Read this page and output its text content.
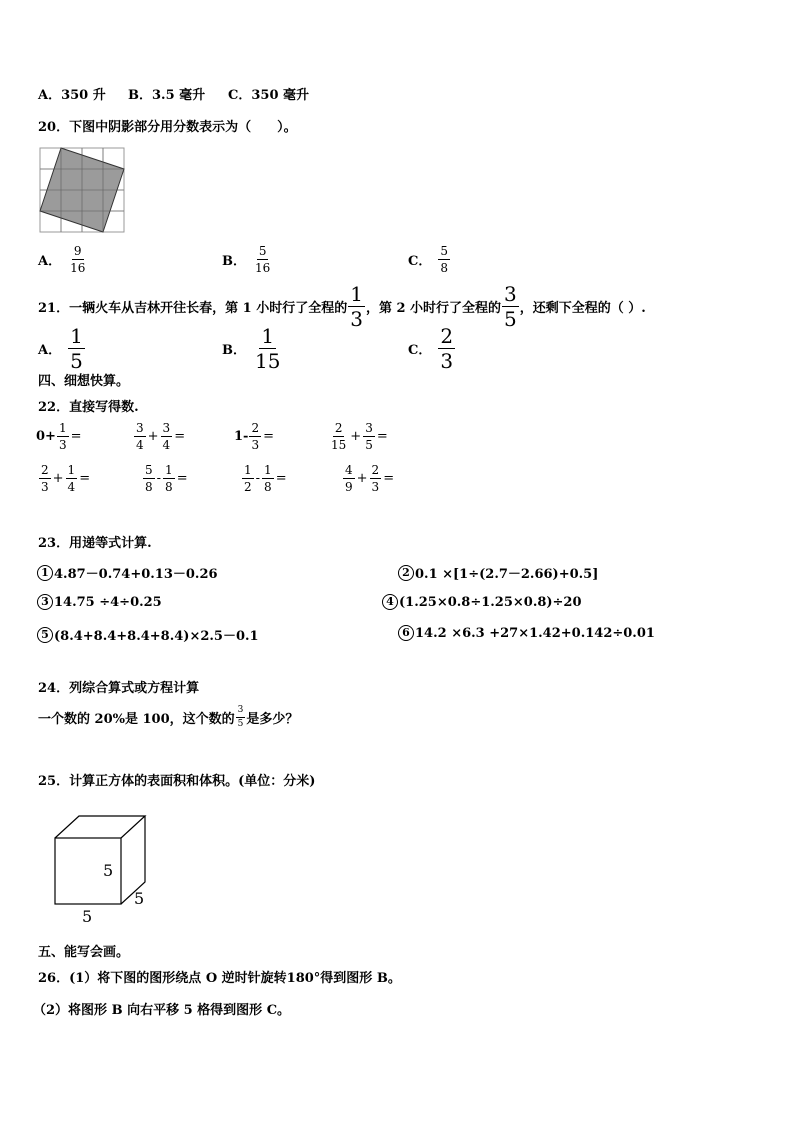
A． 350 升 B． 3.5 毫升 C． 350 毫升
20．下图中阴影部分用分数表示为（　　）。
A． $\frac{9}{16}$	B． $\frac{5}{16}$	C． $\frac{5}{8}$
21．一辆火车从吉林开往长春，第 1 小时行了全程的 $\frac{1}{3}$ ，第 2 小时行了全程的 $\frac{3}{5}$ ，还剩下全程的（ ）.
A． $\frac{1}{5}$	B． $\frac{1}{15}$	C． $\frac{2}{3}$
四、细想快算。
22．直接写得数.
$0+ \frac{1}{3}$ =	$\frac{3}{4} + \frac{3}{4}$ =	$1- \frac{2}{3}$ =	$\frac{2}{15} + \frac{3}{5}$ =
$\frac{2}{3} + \frac{1}{4}$ =	$\frac{5}{8} - \frac{1}{8}$ =	$\frac{1}{2} - \frac{1}{8}$ =	$\frac{4}{9} + \frac{2}{3}$ =
23．用递等式计算.
1 4.87－0.74+0.13－0.26	2 0.1 ×[1÷(2.7－2.66)+0.5]
3 14.75 ÷4÷0.25	4 (1.25×0.8÷1.25×0.8)÷20
5 (8.4+8.4+8.4+8.4)×2.5－0.1	6 14.2 ×6.3 +27×1.42+0.142÷0.01
24．列综合算式或方程计算
一个数的 20%是 100，这个数的 $\frac{3}{5}$ 是多少？
25．计算正方体的表面积和体积。(单位：分米)
5
5
5
五、能写会画。
26．(1）将下图的图形绕点 O 逆时针旋转180°得到图形 B。
（2）将图形 B 向右平移 5 格得到图形 C。
